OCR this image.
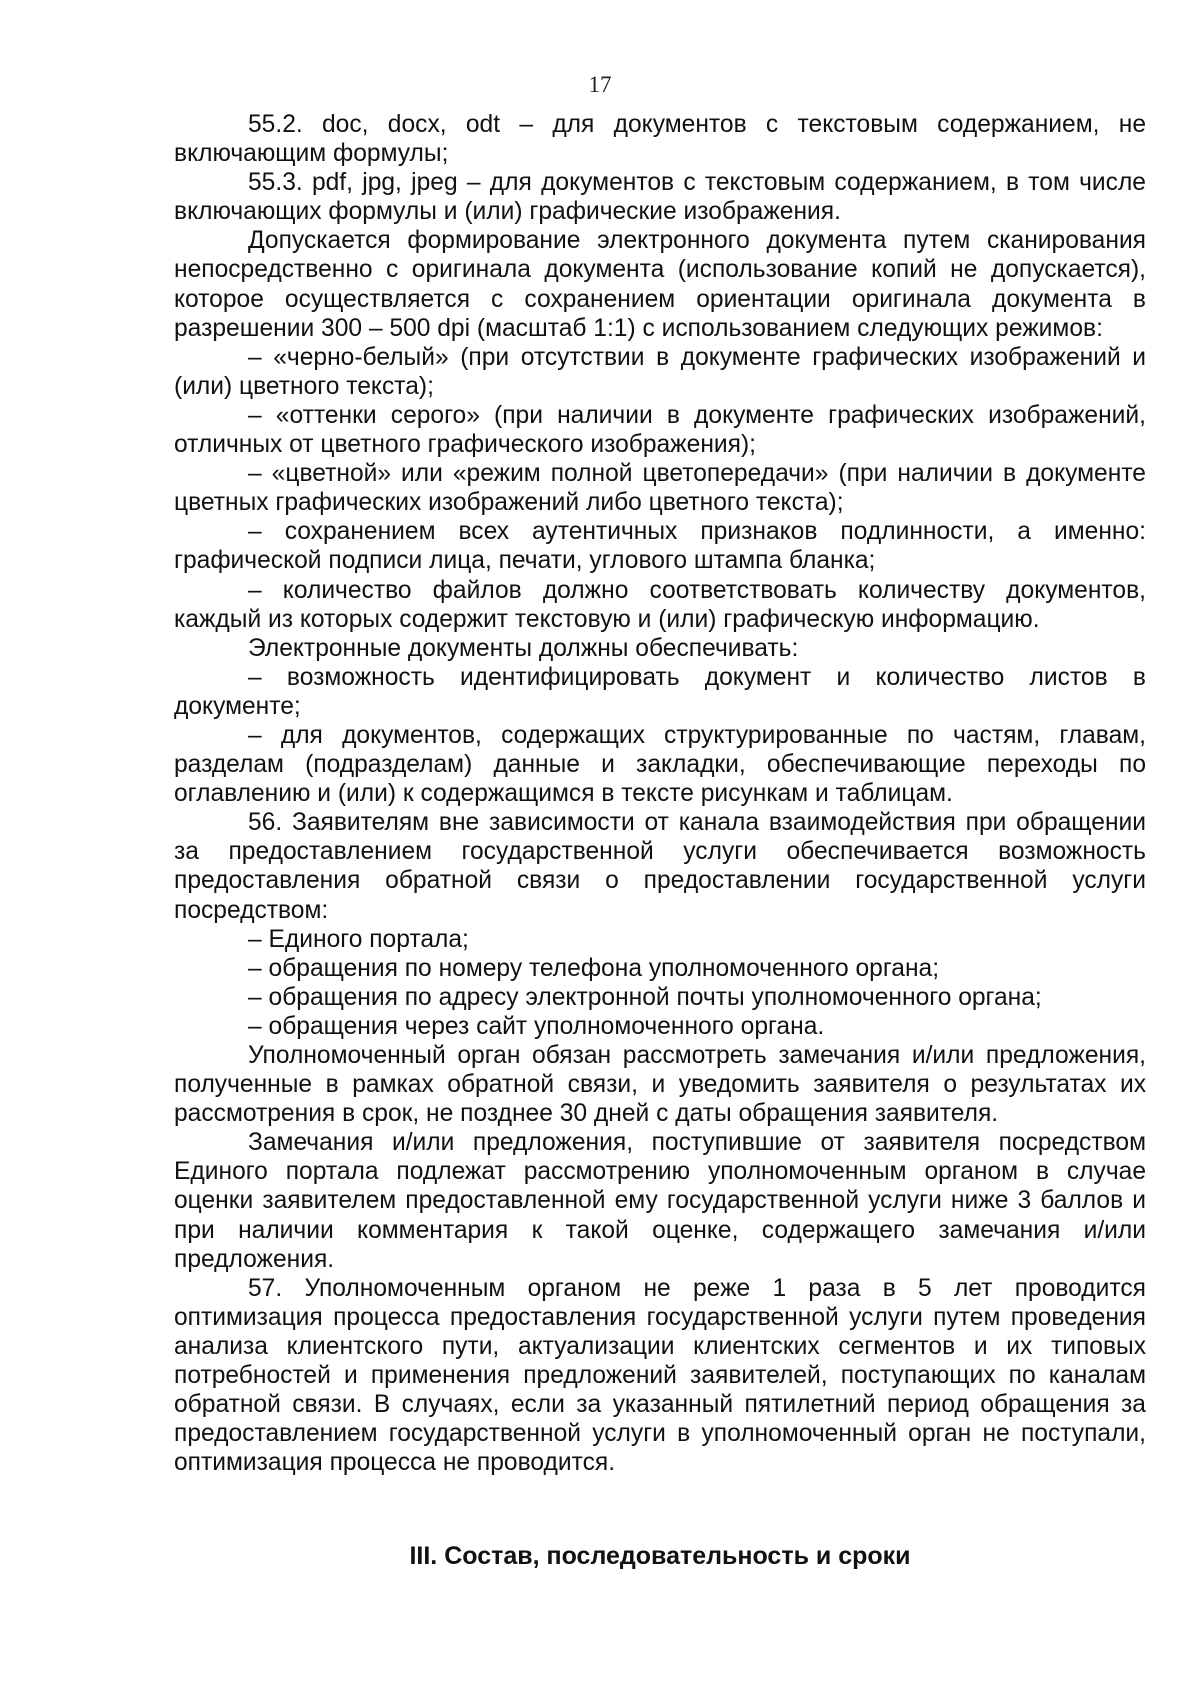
17

55.2. doc, docx, odt – для документов с текстовым содержанием, не включающим формулы;

55.3. pdf, jpg, jpeg – для документов с текстовым содержанием, в том числе включающих формулы и (или) графические изображения.

Допускается формирование электронного документа путем сканирования непосредственно с оригинала документа (использование копий не допускается), которое осуществляется с сохранением ориентации оригинала документа в разрешении 300 – 500 dpi (масштаб 1:1) с использованием следующих режимов:

– «черно-белый» (при отсутствии в документе графических изображений и (или) цветного текста);

– «оттенки серого» (при наличии в документе графических изображений, отличных от цветного графического изображения);

– «цветной» или «режим полной цветопередачи» (при наличии в документе цветных графических изображений либо цветного текста);

– сохранением всех аутентичных признаков подлинности, а именно: графической подписи лица, печати, углового штампа бланка;

– количество файлов должно соответствовать количеству документов, каждый из которых содержит текстовую и (или) графическую информацию.

Электронные документы должны обеспечивать:

– возможность идентифицировать документ и количество листов в документе;

– для документов, содержащих структурированные по частям, главам, разделам (подразделам) данные и закладки, обеспечивающие переходы по оглавлению и (или) к содержащимся в тексте рисункам и таблицам.

56. Заявителям вне зависимости от канала взаимодействия при обращении за предоставлением государственной услуги обеспечивается возможность предоставления обратной связи о предоставлении государственной услуги посредством:

– Единого портала;

– обращения по номеру телефона уполномоченного органа;

– обращения по адресу электронной почты уполномоченного органа;

– обращения через сайт уполномоченного органа.

Уполномоченный орган обязан рассмотреть замечания и/или предложения, полученные в рамках обратной связи, и уведомить заявителя о результатах их рассмотрения в срок, не позднее 30 дней с даты обращения заявителя.

Замечания и/или предложения, поступившие от заявителя посредством Единого портала подлежат рассмотрению уполномоченным органом в случае оценки заявителем предоставленной ему государственной услуги ниже 3 баллов и при наличии комментария к такой оценке, содержащего замечания и/или предложения.

57. Уполномоченным органом не реже 1 раза в 5 лет проводится оптимизация процесса предоставления государственной услуги путем проведения анализа клиентского пути, актуализации клиентских сегментов и их типовых потребностей и применения предложений заявителей, поступающих по каналам обратной связи. В случаях, если за указанный пятилетний период обращения за предоставлением государственной услуги в уполномоченный орган не поступали, оптимизация процесса не проводится.

III. Состав, последовательность и сроки
